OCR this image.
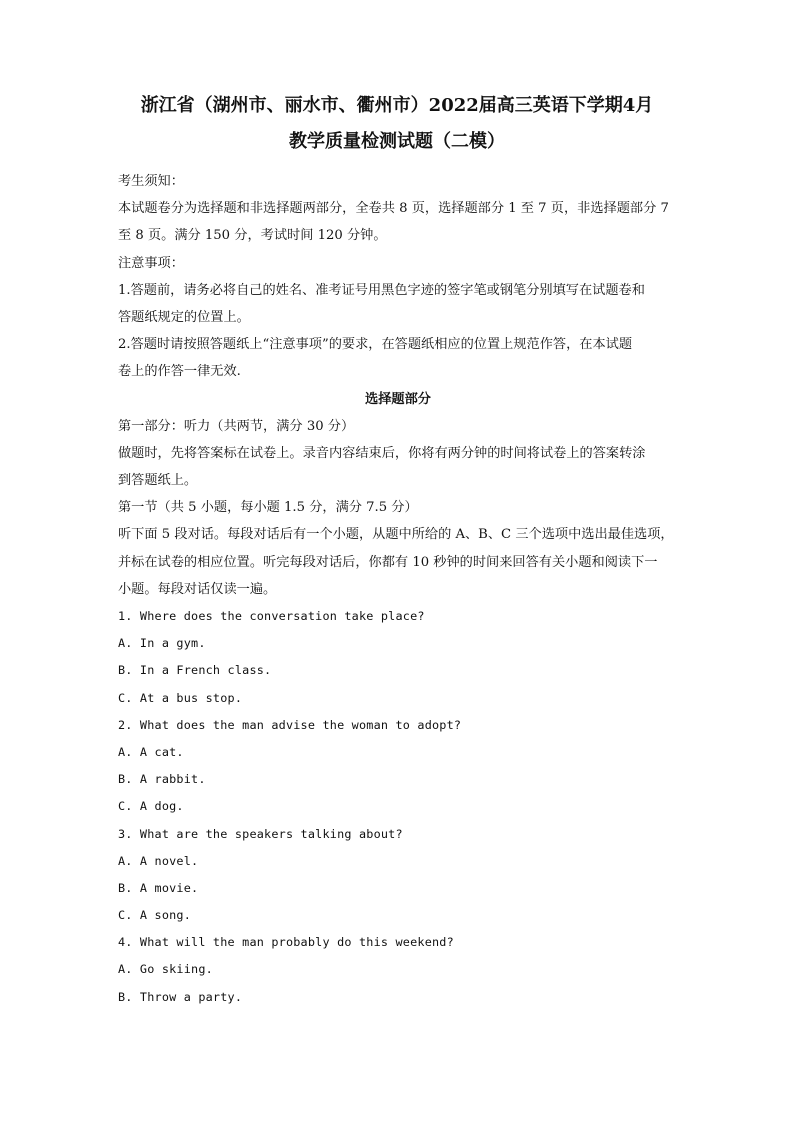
浙江省（湖州市、丽水市、衢州市）2022届高三英语下学期4月
教学质量检测试题（二模）
考生须知：
本试题卷分为选择题和非选择题两部分，全卷共 8 页，选择题部分 1 至 7 页，非选择题部分 7
至 8 页。满分 150 分，考试时间 120 分钟。
注意事项：
1.答题前，请务必将自己的姓名、准考证号用黑色字迹的签字笔或钢笔分别填写在试题卷和
答题纸规定的位置上。
2.答题时请按照答题纸上“注意事项”的要求，在答题纸相应的位置上规范作答，在本试题
卷上的作答一律无效.
选择题部分
第一部分：听力（共两节，满分 30 分）
做题时，先将答案标在试卷上。录音内容结束后，你将有两分钟的时间将试卷上的答案转涂
到答题纸上。
第一节（共 5 小题，每小题 1.5 分，满分 7.5 分）
听下面 5 段对话。每段对话后有一个小题，从题中所给的 A、B、C 三个选项中选出最佳选项，
并标在试卷的相应位置。听完每段对话后，你都有 10 秒钟的时间来回答有关小题和阅读下一
小题。每段对话仅读一遍。
1. Where does the conversation take place?
A. In a gym.
B. In a French class.
C. At a bus stop.
2. What does the man advise the woman to adopt?
A. A cat.
B. A rabbit.
C. A dog.
3. What are the speakers talking about?
A. A novel.
B. A movie.
C. A song.
4. What will the man probably do this weekend?
A. Go skiing.
B. Throw a party.
